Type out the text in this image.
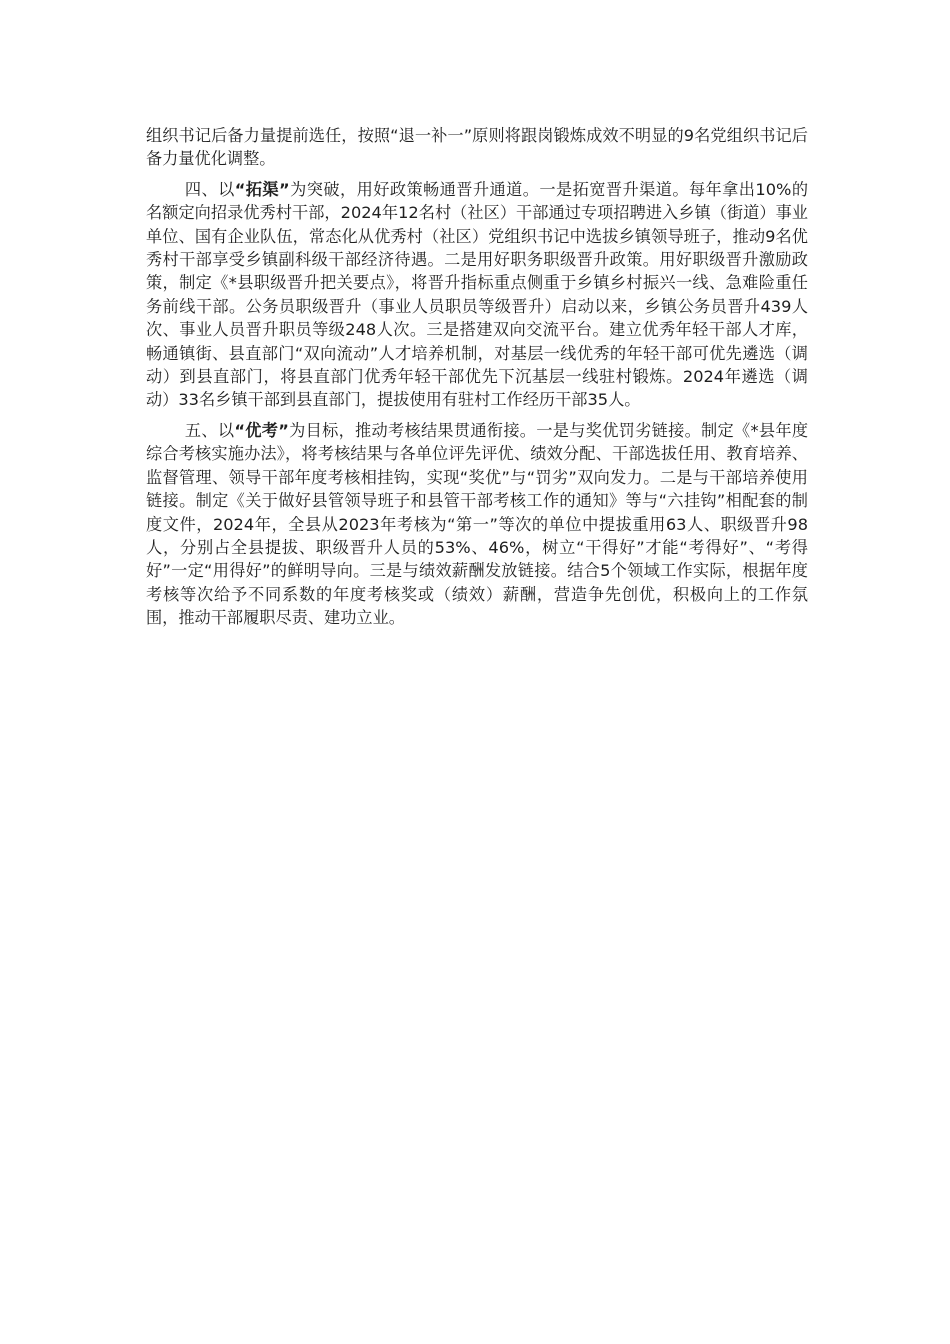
组织书记后备力量提前选任，按照“退一补一”原则将跟岗锻炼成效不明显的9名党组织书记后备力量优化调整。

四、以“拓渠”为突破，用好政策畅通晋升通道。一是拓宽晋升渠道。每年拿出10%的名额定向招录优秀村干部，2024年12名村（社区）干部通过专项招聘进入乡镇（街道）事业单位、国有企业队伍，常态化从优秀村（社区）党组织书记中选拔乡镇领导班子，推动9名优秀村干部享受乡镇副科级干部经济待遇。二是用好职务职级晋升政策。用好职级晋升激励政策，制定《*县职级晋升把关要点》，将晋升指标重点侧重于乡镇乡村振兴一线、急难险重任务前线干部。公务员职级晋升（事业人员职员等级晋升）启动以来，乡镇公务员晋升439人次、事业人员晋升职员等级248人次。三是搭建双向交流平台。建立优秀年轻干部人才库，畅通镇街、县直部门“双向流动”人才培养机制，对基层一线优秀的年轻干部可优先遴选（调动）到县直部门，将县直部门优秀年轻干部优先下沉基层一线驻村锻炼。2024年遴选（调动）33名乡镇干部到县直部门，提拔使用有驻村工作经历干部35人。

五、以“优考”为目标，推动考核结果贯通衔接。一是与奖优罚劣链接。制定《*县年度综合考核实施办法》，将考核结果与各单位评先评优、绩效分配、干部选拔任用、教育培养、监督管理、领导干部年度考核相挂钩，实现“奖优”与“罚劣”双向发力。二是与干部培养使用链接。制定《关于做好县管领导班子和县管干部考核工作的通知》等与“六挂钩”相配套的制度文件，2024年，全县从2023年考核为“第一”等次的单位中提拔重用63人、职级晋升98人，分别占全县提拔、职级晋升人员的53%、46%，树立“干得好”才能“考得好”、“考得好”一定“用得好”的鲜明导向。三是与绩效薪酬发放链接。结合5个领域工作实际，根据年度考核等次给予不同系数的年度考核奖或（绩效）薪酬，营造争先创优，积极向上的工作氛围，推动干部履职尽责、建功立业。
